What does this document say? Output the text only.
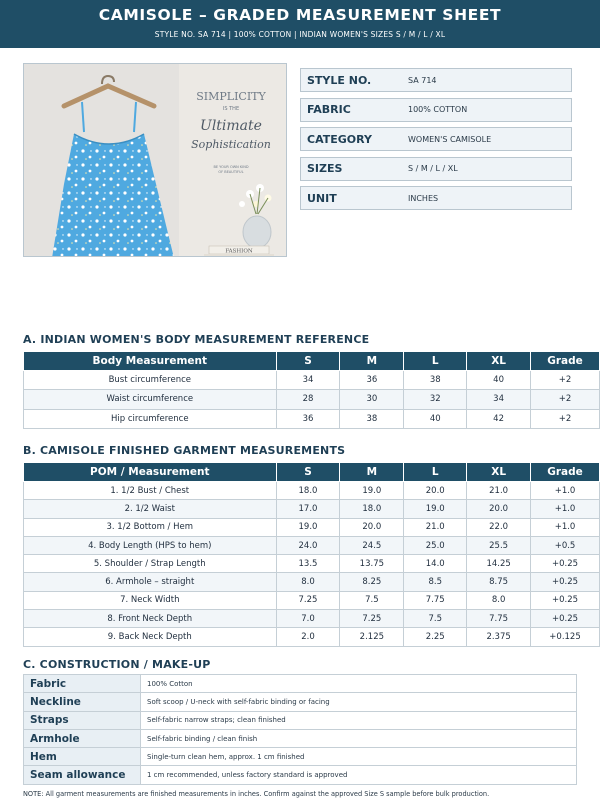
CAMISOLE – GRADED MEASUREMENT SHEET
STYLE NO. SA 714 | 100% COTTON | INDIAN WOMEN'S SIZES S / M / L / XL
SIMPLICITY
IS THE
Ultimate
Sophistication
BE YOUR OWN KIND
OF BEAUTIFUL
FASHION
STYLE NO.	SA 714
FABRIC	100% COTTON
CATEGORY	WOMEN'S CAMISOLE
SIZES	S / M / L / XL
UNIT	INCHES
A. INDIAN WOMEN'S BODY MEASUREMENT REFERENCE
Body Measurement	S	M	L	XL	Grade
Bust circumference	34	36	38	40	+2
Waist circumference	28	30	32	34	+2
Hip circumference	36	38	40	42	+2
B. CAMISOLE FINISHED GARMENT MEASUREMENTS
POM / Measurement	S	M	L	XL	Grade
1. 1/2 Bust / Chest	18.0	19.0	20.0	21.0	+1.0
2. 1/2 Waist	17.0	18.0	19.0	20.0	+1.0
3. 1/2 Bottom / Hem	19.0	20.0	21.0	22.0	+1.0
4. Body Length (HPS to hem)	24.0	24.5	25.0	25.5	+0.5
5. Shoulder / Strap Length	13.5	13.75	14.0	14.25	+0.25
6. Armhole – straight	8.0	8.25	8.5	8.75	+0.25
7. Neck Width	7.25	7.5	7.75	8.0	+0.25
8. Front Neck Depth	7.0	7.25	7.5	7.75	+0.25
9. Back Neck Depth	2.0	2.125	2.25	2.375	+0.125
C. CONSTRUCTION / MAKE-UP
Fabric	100% Cotton
Neckline	Soft scoop / U-neck with self-fabric binding or facing
Straps	Self-fabric narrow straps; clean finished
Armhole	Self-fabric binding / clean finish
Hem	Single-turn clean hem, approx. 1 cm finished
Seam allowance	1 cm recommended, unless factory standard is approved
NOTE: All garment measurements are finished measurements in inches. Confirm against the approved Size S sample before bulk production.
